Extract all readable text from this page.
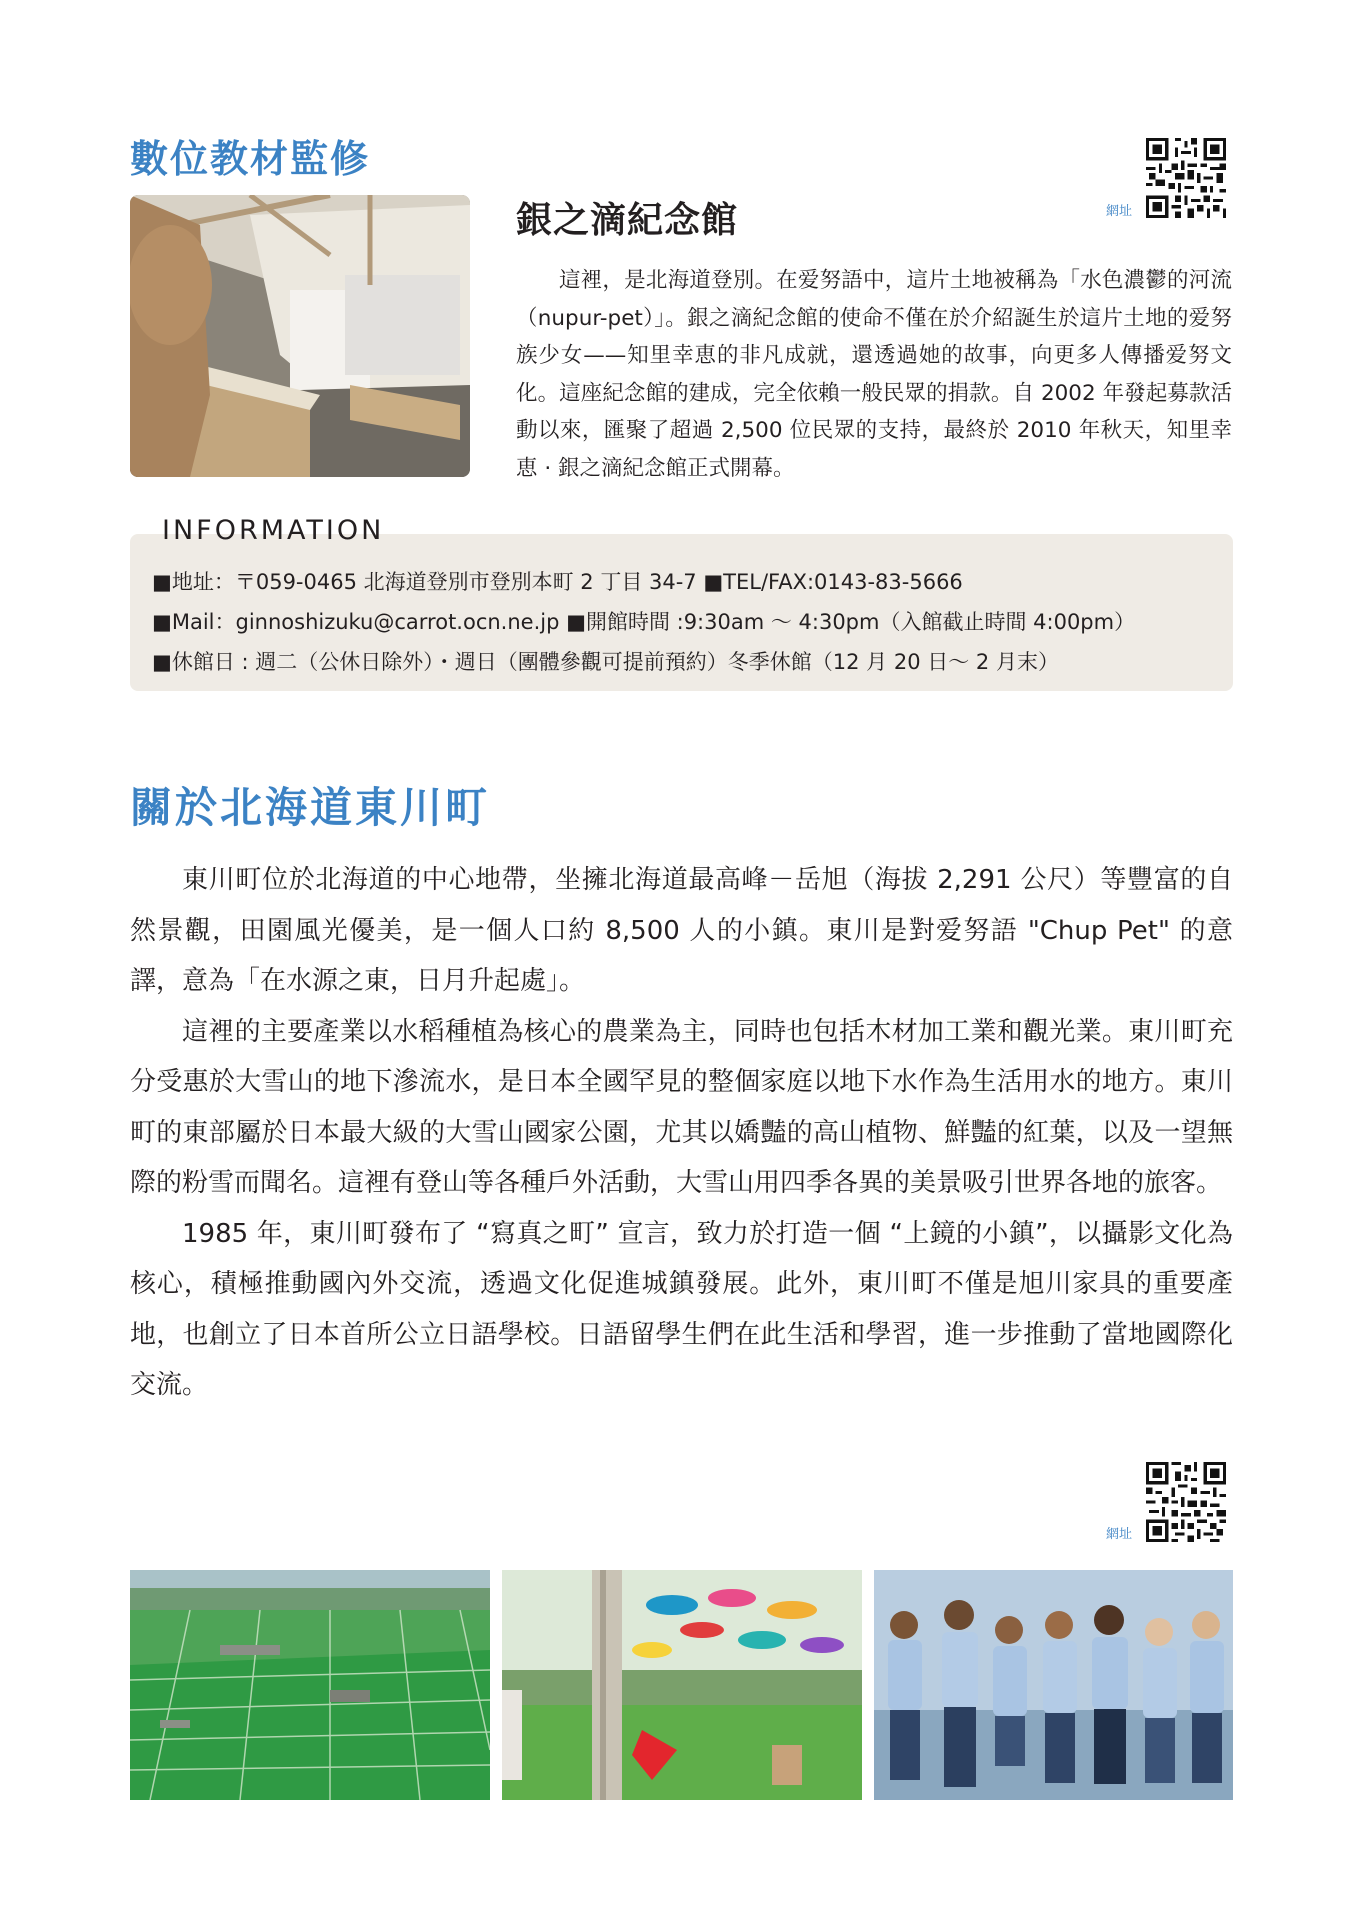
數位教材監修
網址
銀之滴紀念館

這裡，是北海道登別。在爱努語中，這片土地被稱為「水色濃鬱的河流（nupur-pet）」。銀之滴紀念館的使命不僅在於介紹誕生於這片土地的爱努族少女——知里幸恵的非凡成就，還透過她的故事，向更多人傳播爱努文化。這座紀念館的建成，完全依賴一般民眾的捐款。自 2002 年發起募款活動以來，匯聚了超過 2,500 位民眾的支持，最終於 2010 年秋天，知里幸恵 · 銀之滴紀念館正式開幕。

INFORMATION
■地址：〒059-0465 北海道登別市登別本町 2 丁目 34-7 ■TEL/FAX:0143-83-5666
■Mail：ginnoshizuku@carrot.ocn.ne.jp ■開館時間 :9:30am 〜 4:30pm（入館截止時間 4:00pm）
■休館日 : 週二（公休日除外）・週日（團體參觀可提前預約）冬季休館（12 月 20 日〜 2 月末）
關於北海道東川町

東川町位於北海道的中心地帶，坐擁北海道最高峰－岳旭（海拔 2,291 公尺）等豐富的自然景觀，田園風光優美，是一個人口約 8,500 人的小鎮。東川是對爱努語 "Chup Pet" 的意譯，意為「在水源之東，日月升起處」。

這裡的主要產業以水稻種植為核心的農業為主，同時也包括木材加工業和觀光業。東川町充分受惠於大雪山的地下滲流水，是日本全國罕見的整個家庭以地下水作為生活用水的地方。東川町的東部屬於日本最大級的大雪山國家公園，尤其以嬌豔的高山植物、鮮豔的紅葉，以及一望無際的粉雪而聞名。這裡有登山等各種戶外活動，大雪山用四季各異的美景吸引世界各地的旅客。

1985 年，東川町發布了 “寫真之町” 宣言，致力於打造一個 “上鏡的小鎮”，以攝影文化為核心，積極推動國內外交流，透過文化促進城鎮發展。此外，東川町不僅是旭川家具的重要產地，也創立了日本首所公立日語學校。日語留學生們在此生活和學習，進一步推動了當地國際化交流。

網址
